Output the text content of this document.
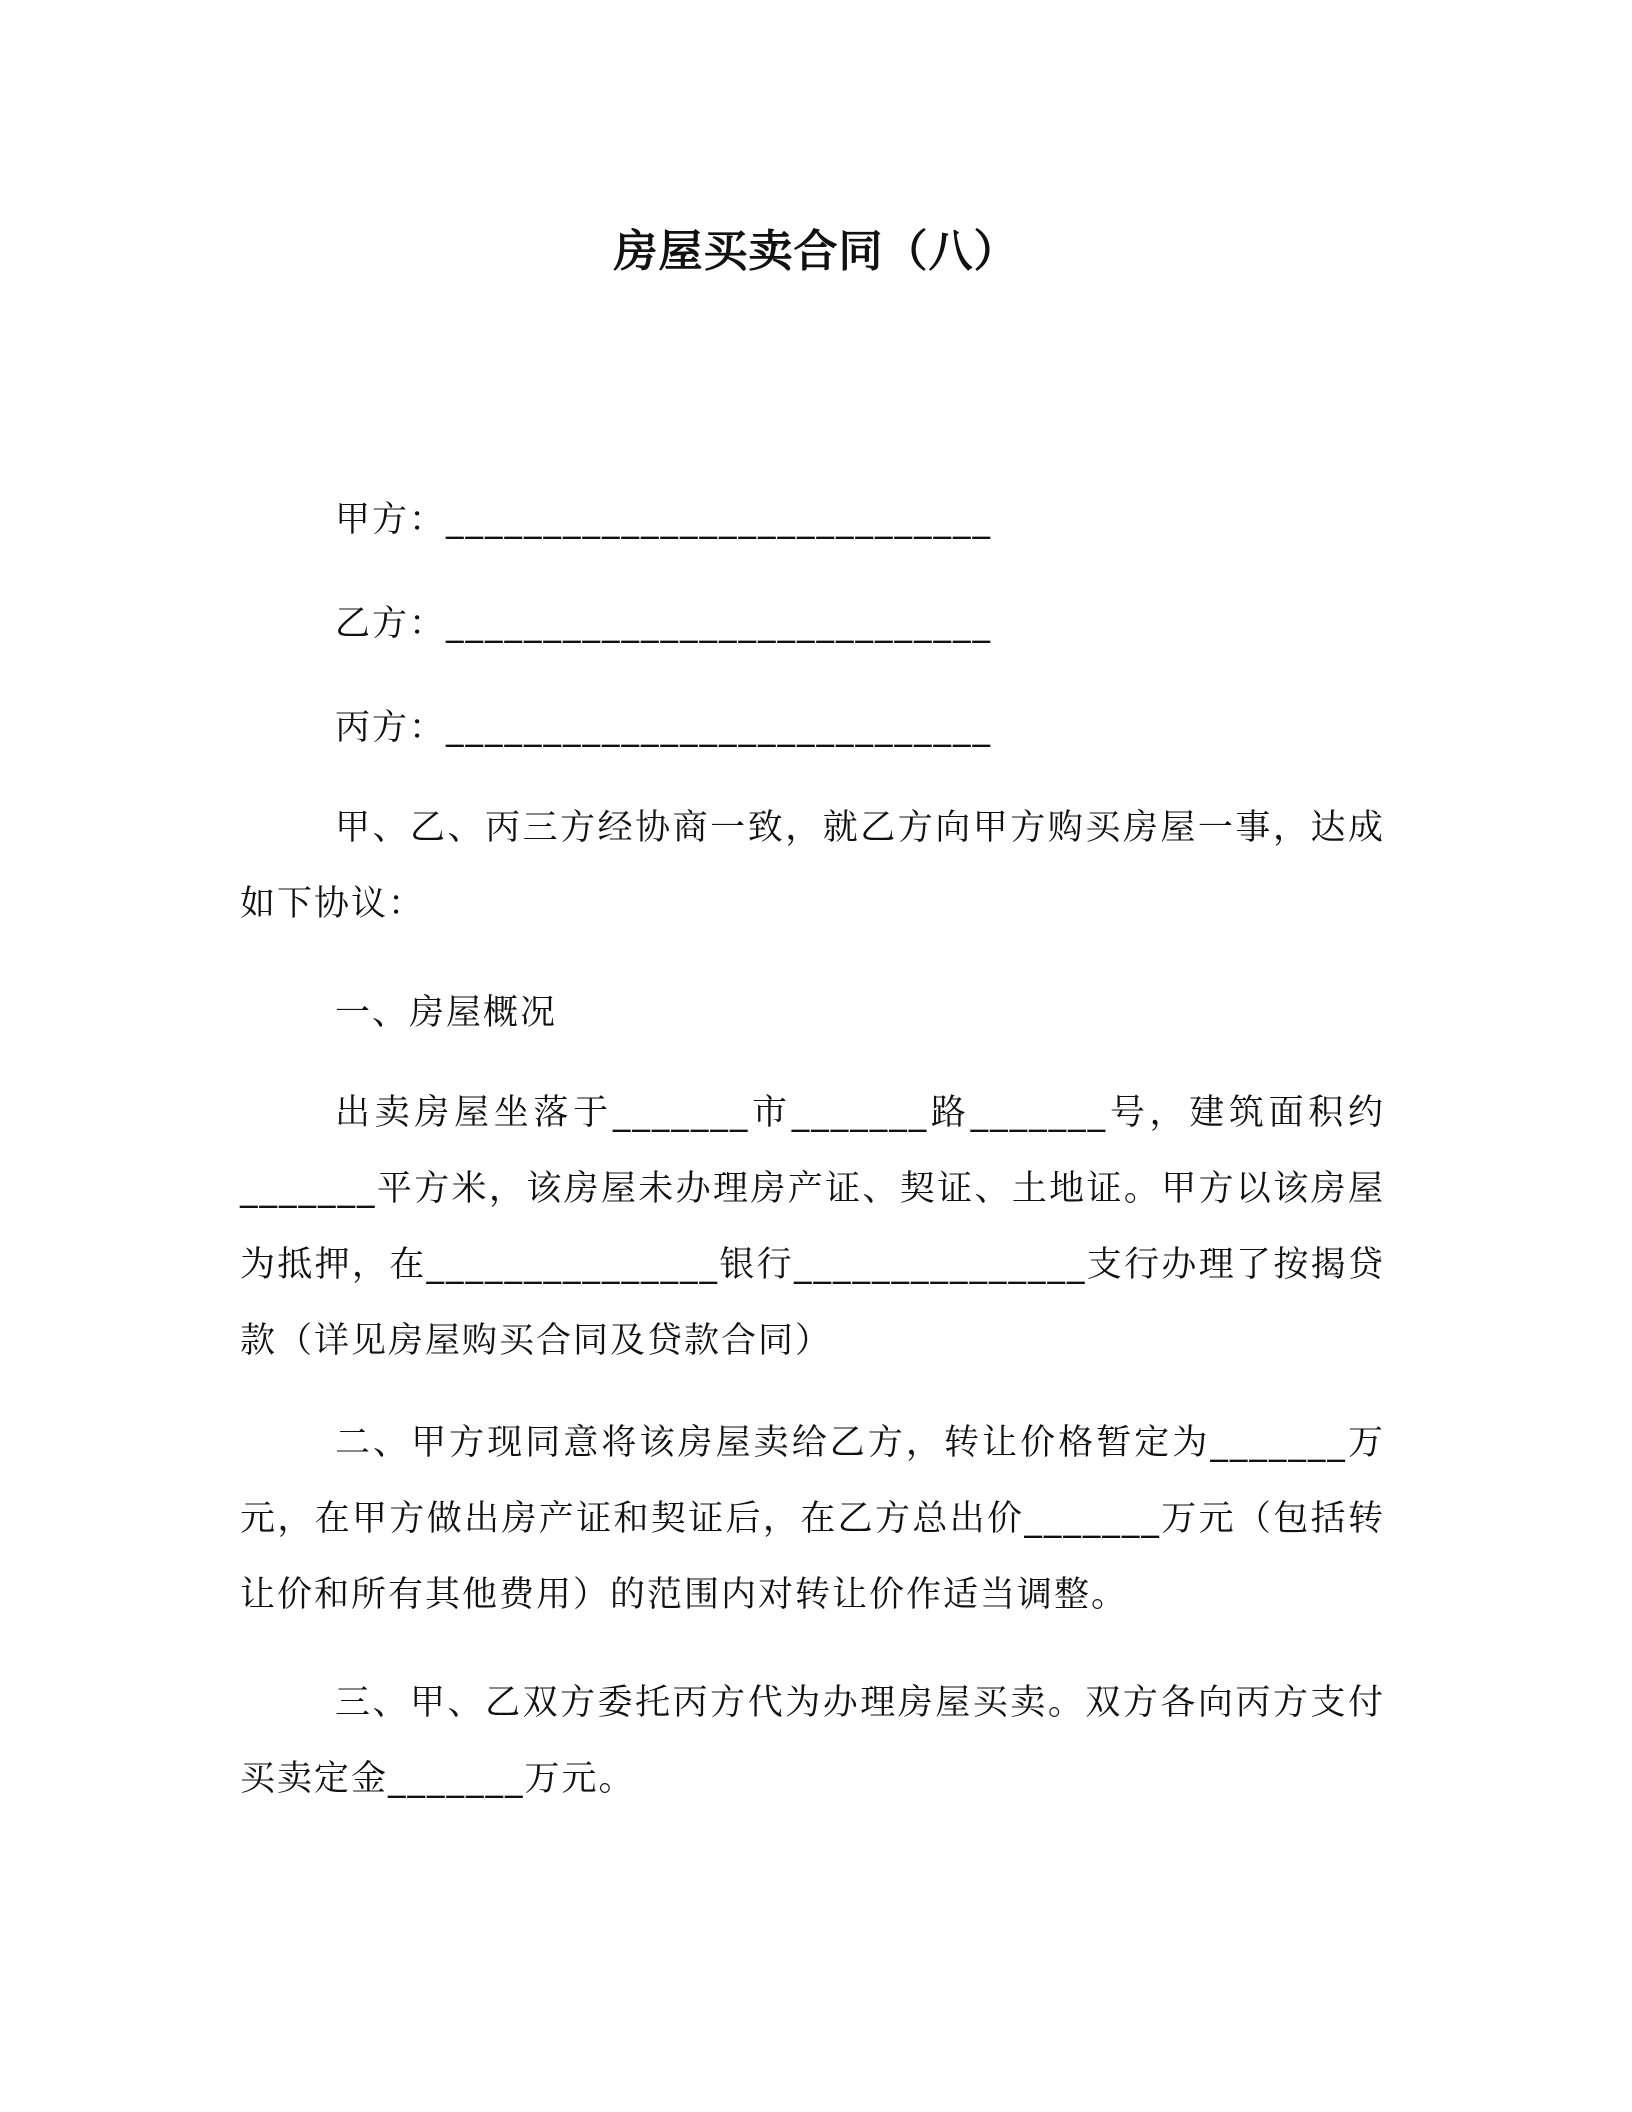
房屋买卖合同（八）
甲方：____________________________
乙方：____________________________
丙方：____________________________

甲、乙、丙三方经协商一致，就乙方向甲方购买房屋一事，达成如下协议：

一、房屋概况

出卖房屋坐落于_______市_______路_______号，建筑面积约_______平方米，该房屋未办理房产证、契证、土地证。甲方以该房屋为抵押，在_______________银行_______________支行办理了按揭贷款（详见房屋购买合同及贷款合同）

二、甲方现同意将该房屋卖给乙方，转让价格暂定为_______万元，在甲方做出房产证和契证后，在乙方总出价_______万元（包括转让价和所有其他费用）的范围内对转让价作适当调整。

三、甲、乙双方委托丙方代为办理房屋买卖。双方各向丙方支付买卖定金_______万元。
